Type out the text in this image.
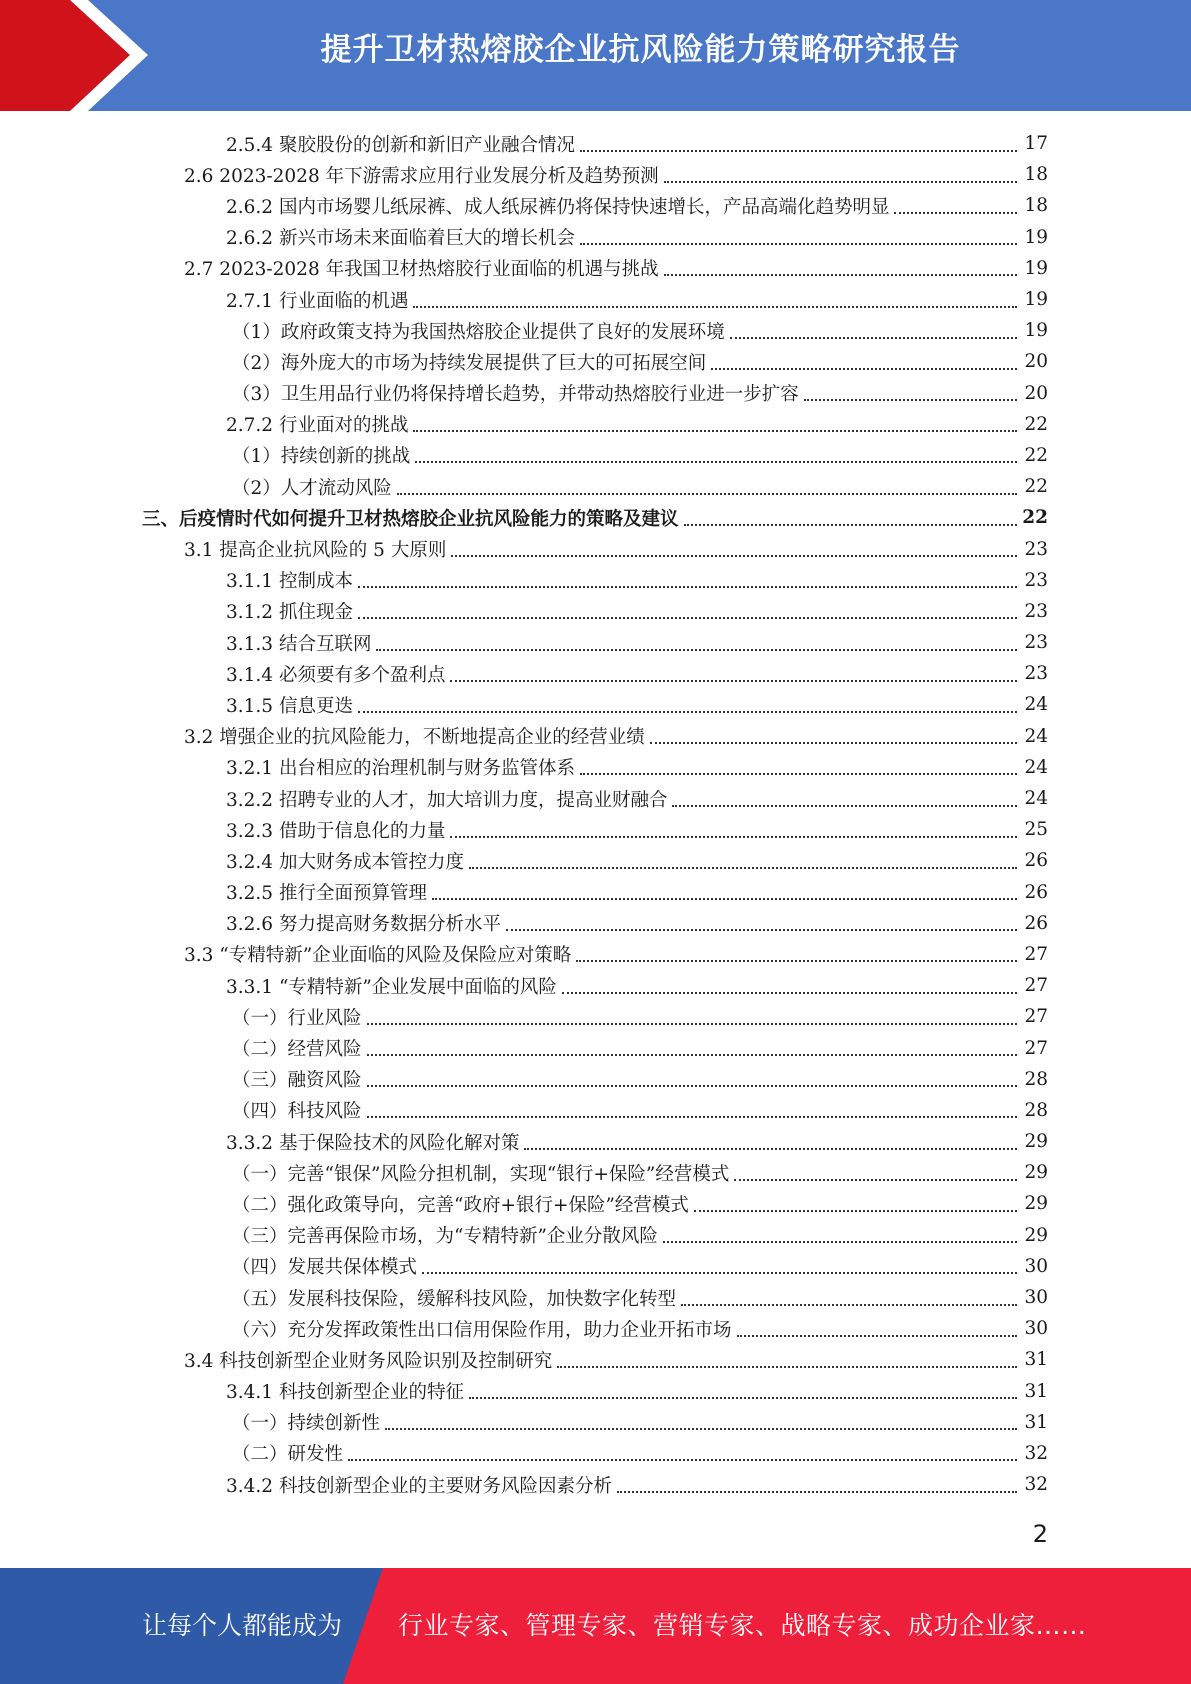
提升卫材热熔胶企业抗风险能力策略研究报告
2.5.4 聚胶股份的创新和新旧产业融合情况	17
2.6 2023-2028 年下游需求应用行业发展分析及趋势预测	18
2.6.2 国内市场婴儿纸尿裤、成人纸尿裤仍将保持快速增长，产品高端化趋势明显	18
2.6.2 新兴市场未来面临着巨大的增长机会	19
2.7 2023-2028 年我国卫材热熔胶行业面临的机遇与挑战	19
2.7.1 行业面临的机遇	19
（1）政府政策支持为我国热熔胶企业提供了良好的发展环境	19
（2）海外庞大的市场为持续发展提供了巨大的可拓展空间	20
（3）卫生用品行业仍将保持增长趋势，并带动热熔胶行业进一步扩容	20
2.7.2 行业面对的挑战	22
（1）持续创新的挑战	22
（2）人才流动风险	22
三、后疫情时代如何提升卫材热熔胶企业抗风险能力的策略及建议	22
3.1 提高企业抗风险的 5 大原则	23
3.1.1 控制成本	23
3.1.2 抓住现金	23
3.1.3 结合互联网	23
3.1.4 必须要有多个盈利点	23
3.1.5 信息更迭	24
3.2 增强企业的抗风险能力，不断地提高企业的经营业绩	24
3.2.1 出台相应的治理机制与财务监管体系	24
3.2.2 招聘专业的人才，加大培训力度，提高业财融合	24
3.2.3 借助于信息化的力量	25
3.2.4 加大财务成本管控力度	26
3.2.5 推行全面预算管理	26
3.2.6 努力提高财务数据分析水平	26
3.3 “专精特新”企业面临的风险及保险应对策略	27
3.3.1 “专精特新”企业发展中面临的风险	27
（一）行业风险	27
（二）经营风险	27
（三）融资风险	28
（四）科技风险	28
3.3.2 基于保险技术的风险化解对策	29
（一）完善“银保”风险分担机制，实现“银行+保险”经营模式	29
（二）强化政策导向，完善“政府+银行+保险”经营模式	29
（三）完善再保险市场，为“专精特新”企业分散风险	29
（四）发展共保体模式	30
（五）发展科技保险，缓解科技风险，加快数字化转型	30
（六）充分发挥政策性出口信用保险作用，助力企业开拓市场	30
3.4 科技创新型企业财务风险识别及控制研究	31
3.4.1 科技创新型企业的特征	31
（一）持续创新性	31
（二）研发性	32
3.4.2 科技创新型企业的主要财务风险因素分析	32
2
让每个人都能成为 行业专家、管理专家、营销专家、战略专家、成功企业家……
